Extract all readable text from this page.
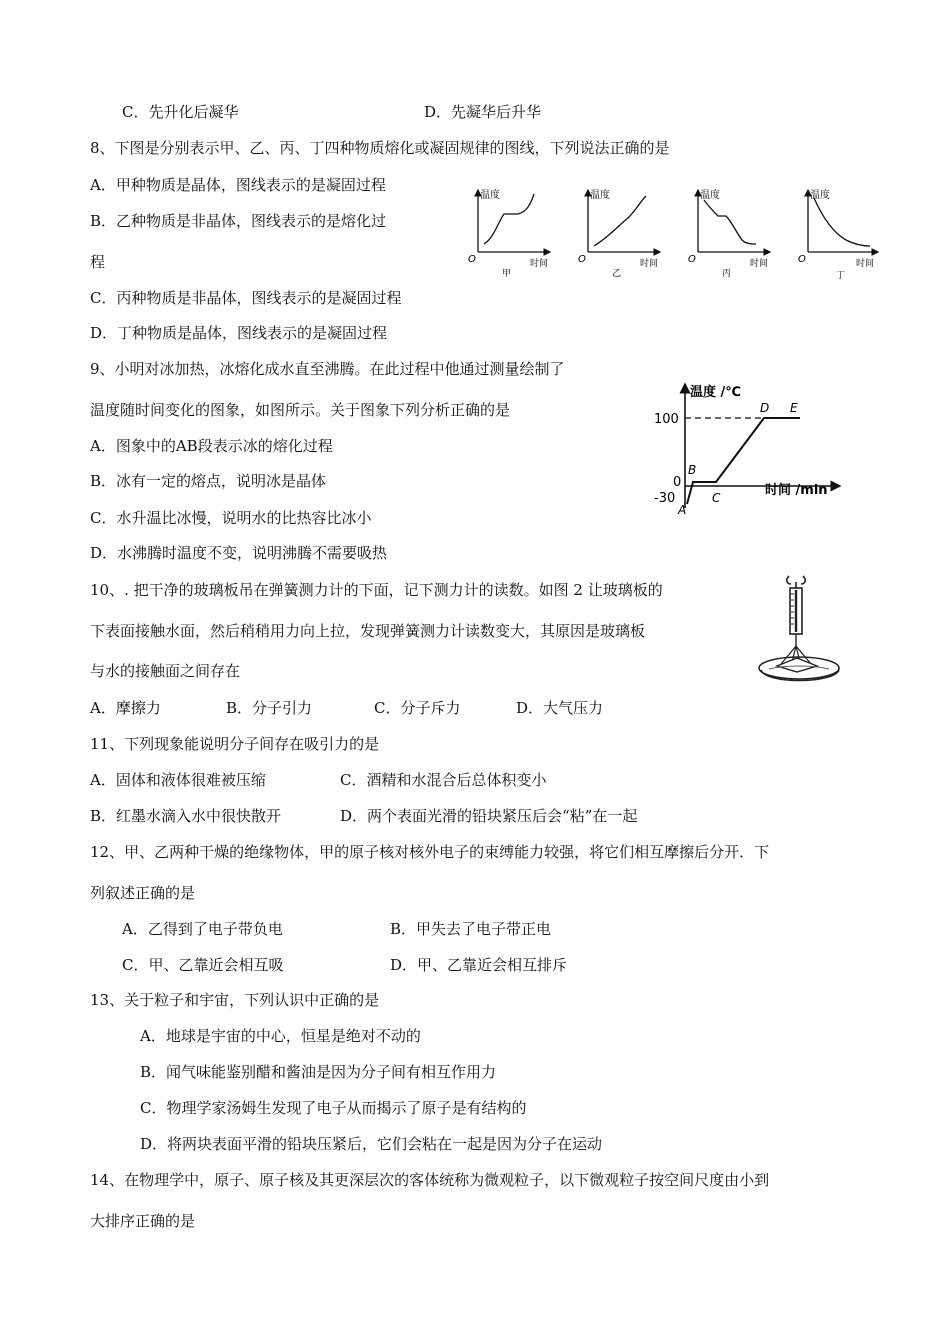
C．先升化后凝华	D．先凝华后升华
8、下图是分别表示甲、乙、丙、丁四种物质熔化或凝固规律的图线，下列说法正确的是
A．甲种物质是晶体，图线表示的是凝固过程
B．乙种物质是非晶体，图线表示的是熔化过
程
C．丙种物质是非晶体，图线表示的是凝固过程
D．丁种物质是晶体，图线表示的是凝固过程
温度
时间
O
甲
温度
时间
O
乙
温度
时间
O
丙
温度
时间
O
丁
9、小明对冰加热，冰熔化成水直至沸腾。在此过程中他通过测量绘制了
温度随时间变化的图象，如图所示。关于图象下列分析正确的是
A．图象中的AB段表示冰的熔化过程
B．冰有一定的熔点，说明冰是晶体
C．水升温比冰慢，说明水的比热容比冰小
D．水沸腾时温度不变，说明沸腾不需要吸热
温度 /℃
时间 /min
100
0
-30
A
B
C
D E
10、. 把干净的玻璃板吊在弹簧测力计的下面，记下测力计的读数。如图 2 让玻璃板的
下表面接触水面，然后稍稍用力向上拉，发现弹簧测力计读数变大，其原因是玻璃板
与水的接触面之间存在
A．摩擦力	B．分子引力	C．分子斥力	D．大气压力
11、下列现象能说明分子间存在吸引力的是
A．固体和液体很难被压缩	C．酒精和水混合后总体积变小
B．红墨水滴入水中很快散开	D．两个表面光滑的铅块紧压后会“粘”在一起
12、甲、乙两种干燥的绝缘物体，甲的原子核对核外电子的束缚能力较强，将它们相互摩擦后分开．下
列叙述正确的是
A．乙得到了电子带负电	B．甲失去了电子带正电
C．甲、乙靠近会相互吸	D．甲、乙靠近会相互排斥
13、关于粒子和宇宙，下列认识中正确的是
A．地球是宇宙的中心，恒星是绝对不动的
B．闻气味能鉴别醋和酱油是因为分子间有相互作用力
C．物理学家汤姆生发现了电子从而揭示了原子是有结构的
D．将两块表面平滑的铅块压紧后，它们会粘在一起是因为分子在运动
14、在物理学中，原子、原子核及其更深层次的客体统称为微观粒子，以下微观粒子按空间尺度由小到
大排序正确的是
